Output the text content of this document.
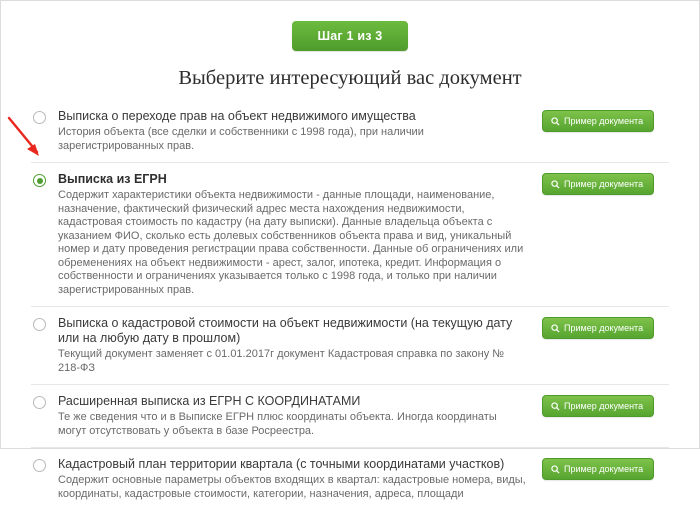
Шаг 1 из 3
Выберите интересующий вас документ
Выписка о переходе прав на объект недвижимого имущества
История объекта (все сделки и собственники с 1998 года), при наличии зарегистрированных прав.
Пример документа
Выписка из ЕГРН
Содержит характеристики объекта недвижимости - данные площади, наименование, назначение, фактический физический адрес места нахождения недвижимости, кадастровая стоимость по кадастру (на дату выписки). Данные владельца объекта с указанием ФИО, сколько есть долевых собственников объекта права и вид, уникальный номер и дату проведения регистрации права собственности. Данные об ограничениях или обременениях на объект недвижимости - арест, залог, ипотека, кредит. Информация о собственности и ограничениях указывается только с 1998 года, и только при наличии зарегистрированных прав.
Пример документа
Выписка о кадастровой стоимости на объект недвижимости (на текущую дату или на любую дату в прошлом)
Текущий документ заменяет с 01.01.2017г документ Кадастровая справка по закону № 218-ФЗ
Пример документа
Расширенная выписка из ЕГРН С КООРДИНАТАМИ
Те же сведения что и в Выписке ЕГРН плюс координаты объекта. Иногда координаты могут отсутствовать у объекта в базе Росреестра.
Пример документа
Кадастровый план территории квартала (с точными координатами участков)
Содержит основные параметры объектов входящих в квартал: кадастровые номера, виды, координаты, кадастровые стоимости, категории, назначения, адреса, площади
Пример документа
